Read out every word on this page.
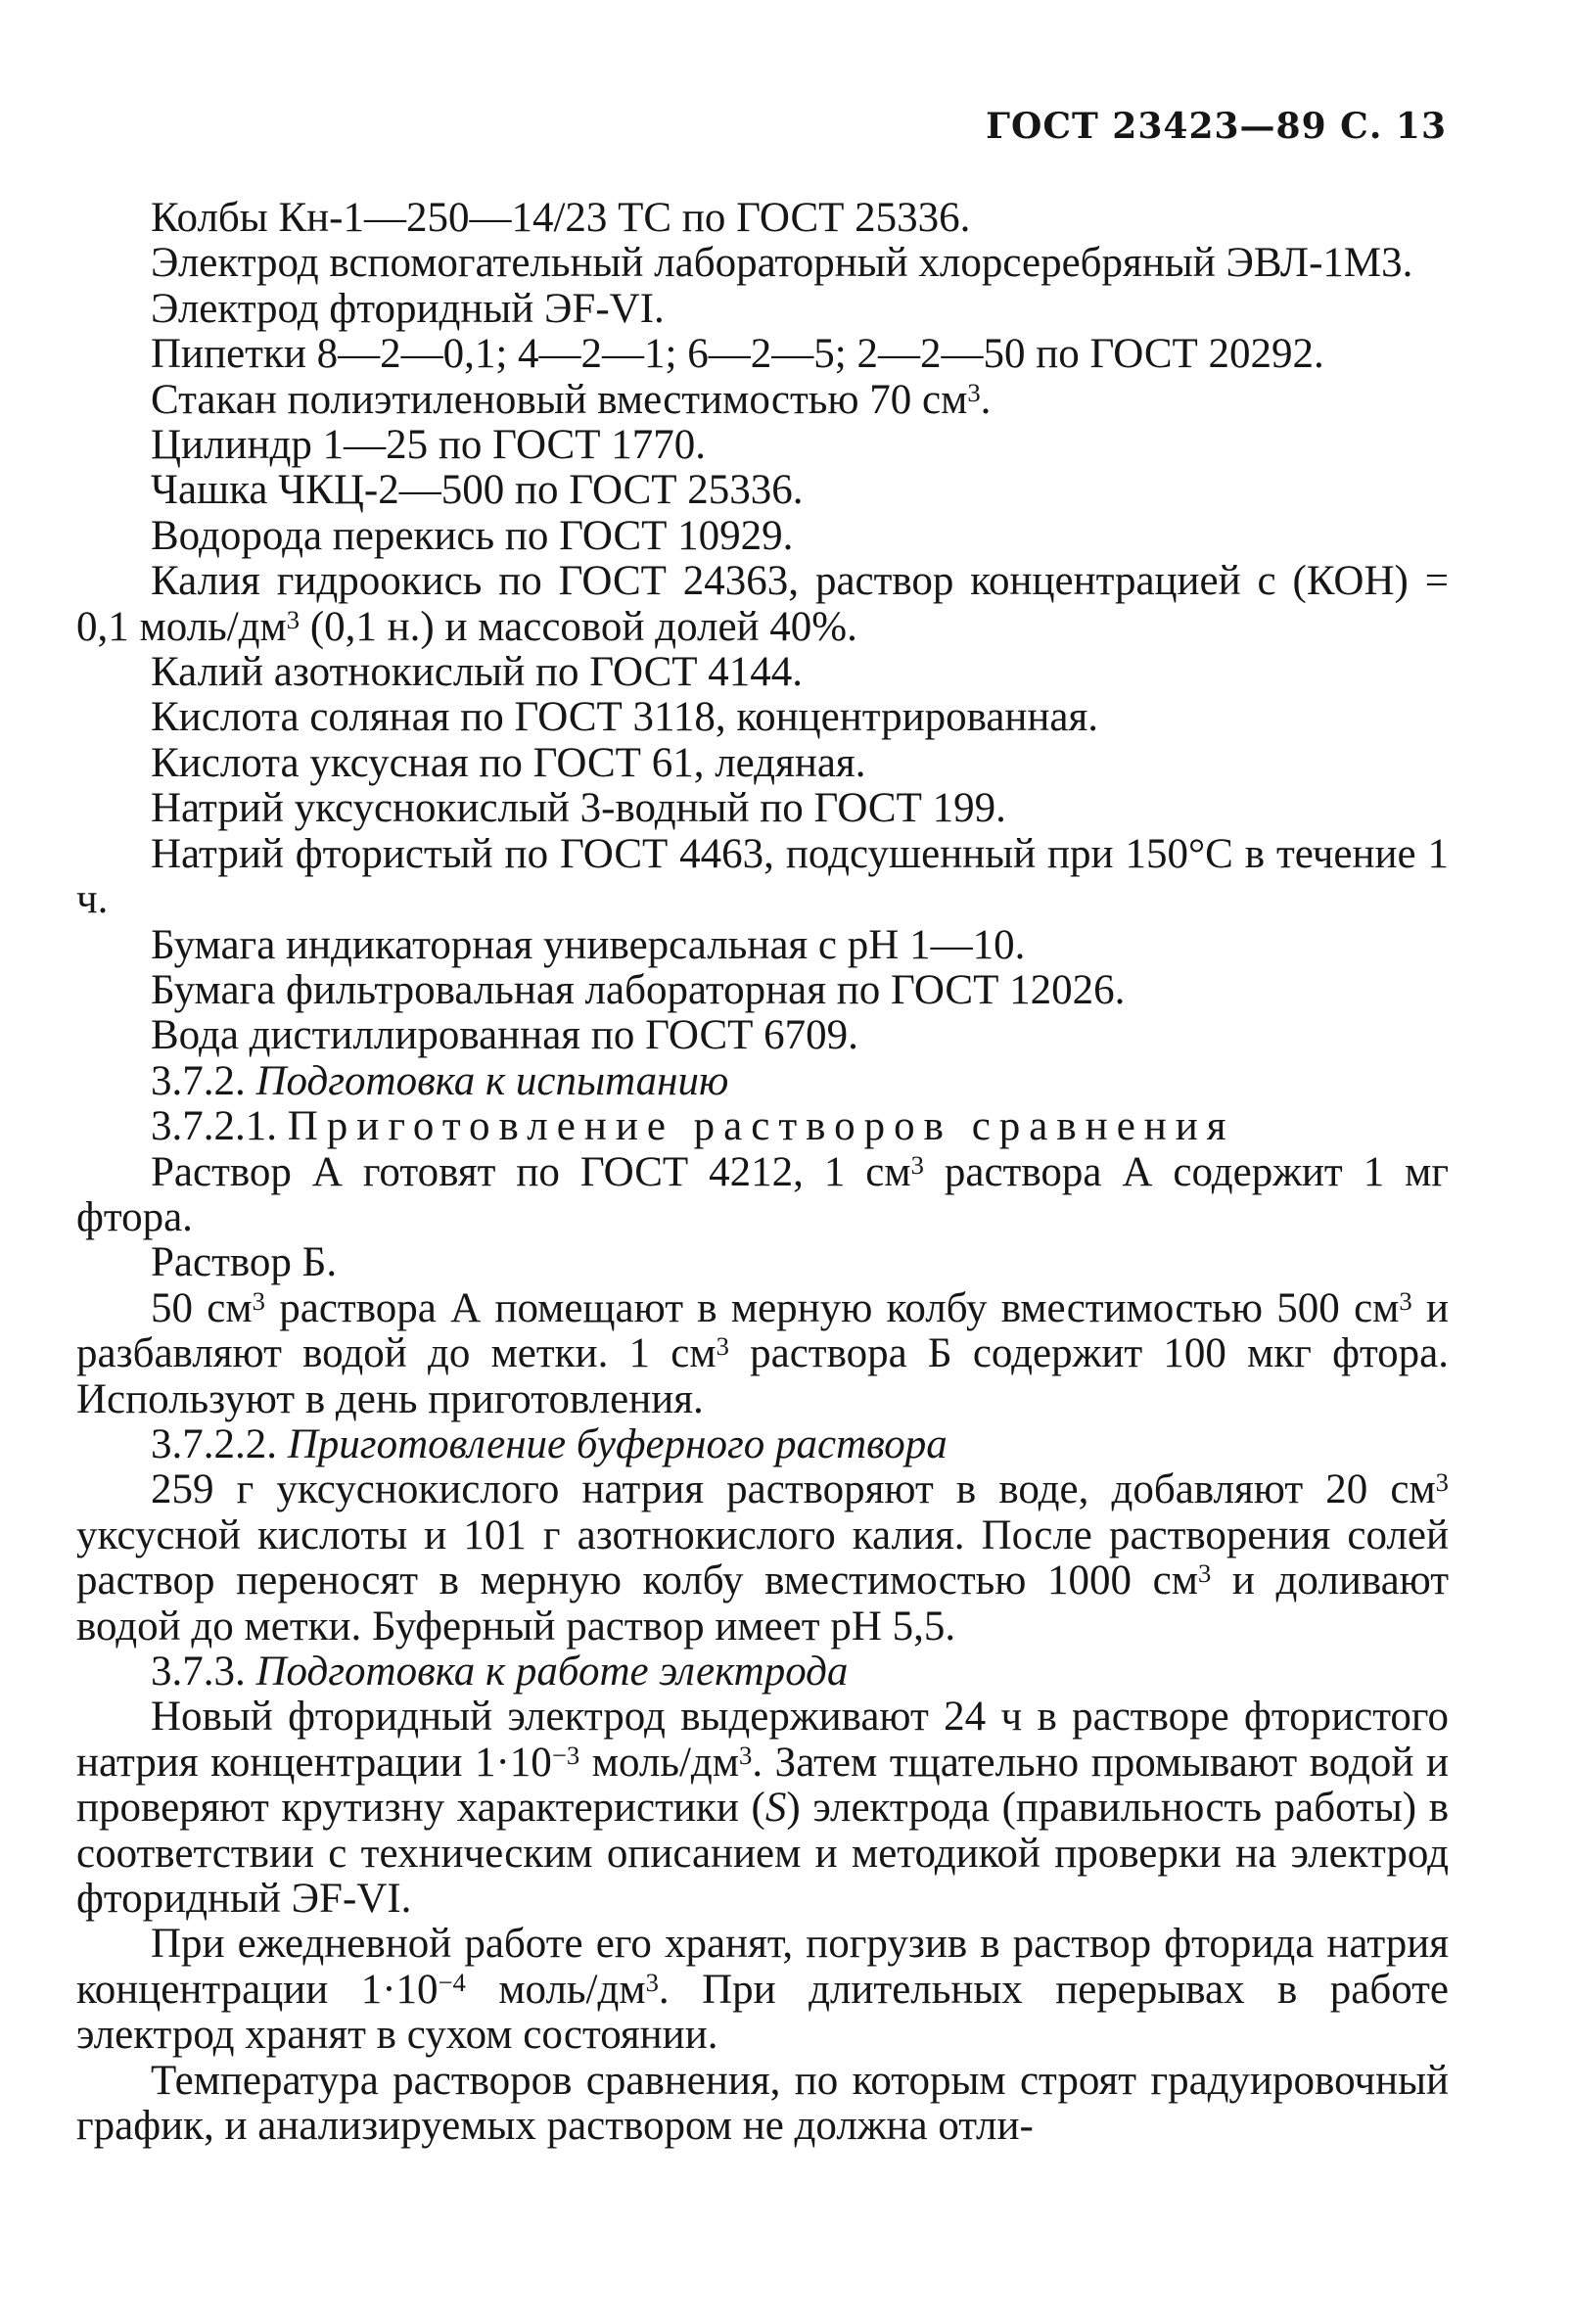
ГОСТ 23423—89 С. 13

Колбы Кн-1—250—14/23 ТС по ГОСТ 25336.

Электрод вспомогательный лабораторный хлорсеребряный ЭВЛ-1М3.

Электрод фторидный ЭF-VI.

Пипетки 8—2—0,1; 4—2—1; 6—2—5; 2—2—50 по ГОСТ 20292.

Стакан полиэтиленовый вместимостью 70 $см^3$.

Цилиндр 1—25 по ГОСТ 1770.

Чашка ЧКЦ-2—500 по ГОСТ 25336.

Водорода перекись по ГОСТ 10929.

Калия гидроокись по ГОСТ 24363, раствор концентрацией с (КОН) = 0,1 моль/$дм^3$ (0,1 н.) и массовой долей 40%.

Калий азотнокислый по ГОСТ 4144.

Кислота соляная по ГОСТ 3118, концентрированная.

Кислота уксусная по ГОСТ 61, ледяная.

Натрий уксуснокислый 3-водный по ГОСТ 199.

Натрий фтористый по ГОСТ 4463, подсушенный при 150°С в течение 1 ч.

Бумага индикаторная универсальная с рН 1—10.

Бумага фильтровальная лабораторная по ГОСТ 12026.

Вода дистиллированная по ГОСТ 6709.

3.7.2. Подготовка к испытанию

3.7.2.1. Приготовление растворов сравнения

Раствор А готовят по ГОСТ 4212, 1 $см^3$ раствора А содержит 1 мг фтора.

Раствор Б.

50 $см^3$ раствора А помещают в мерную колбу вместимостью 500 $см^3$ и разбавляют водой до метки. 1 $см^3$ раствора Б содержит 100 мкг фтора. Используют в день приготовления.

3.7.2.2. Приготовление буферного раствора

259 г уксуснокислого натрия растворяют в воде, добавляют 20 $см^3$ уксусной кислоты и 101 г азотнокислого калия. После растворения солей раствор переносят в мерную колбу вместимостью 1000 $см^3$ и доливают водой до метки. Буферный раствор имеет рН 5,5.

3.7.3. Подготовка к работе электрода

Новый фторидный электрод выдерживают 24 ч в растворе фтористого натрия концентрации $1\cdot 10^{-3}$ моль/$дм^3$. Затем тщательно промывают водой и проверяют крутизну характеристики (S) электрода (правильность работы) в соответствии с техническим описанием и методикой проверки на электрод фторидный ЭF-VI.

При ежедневной работе его хранят, погрузив в раствор фторида натрия концентрации $1\cdot 10^{-4}$ моль/$дм^3$. При длительных перерывах в работе электрод хранят в сухом состоянии.

Температура растворов сравнения, по которым строят градуировочный график, и анализируемых раствором не должна отли-
